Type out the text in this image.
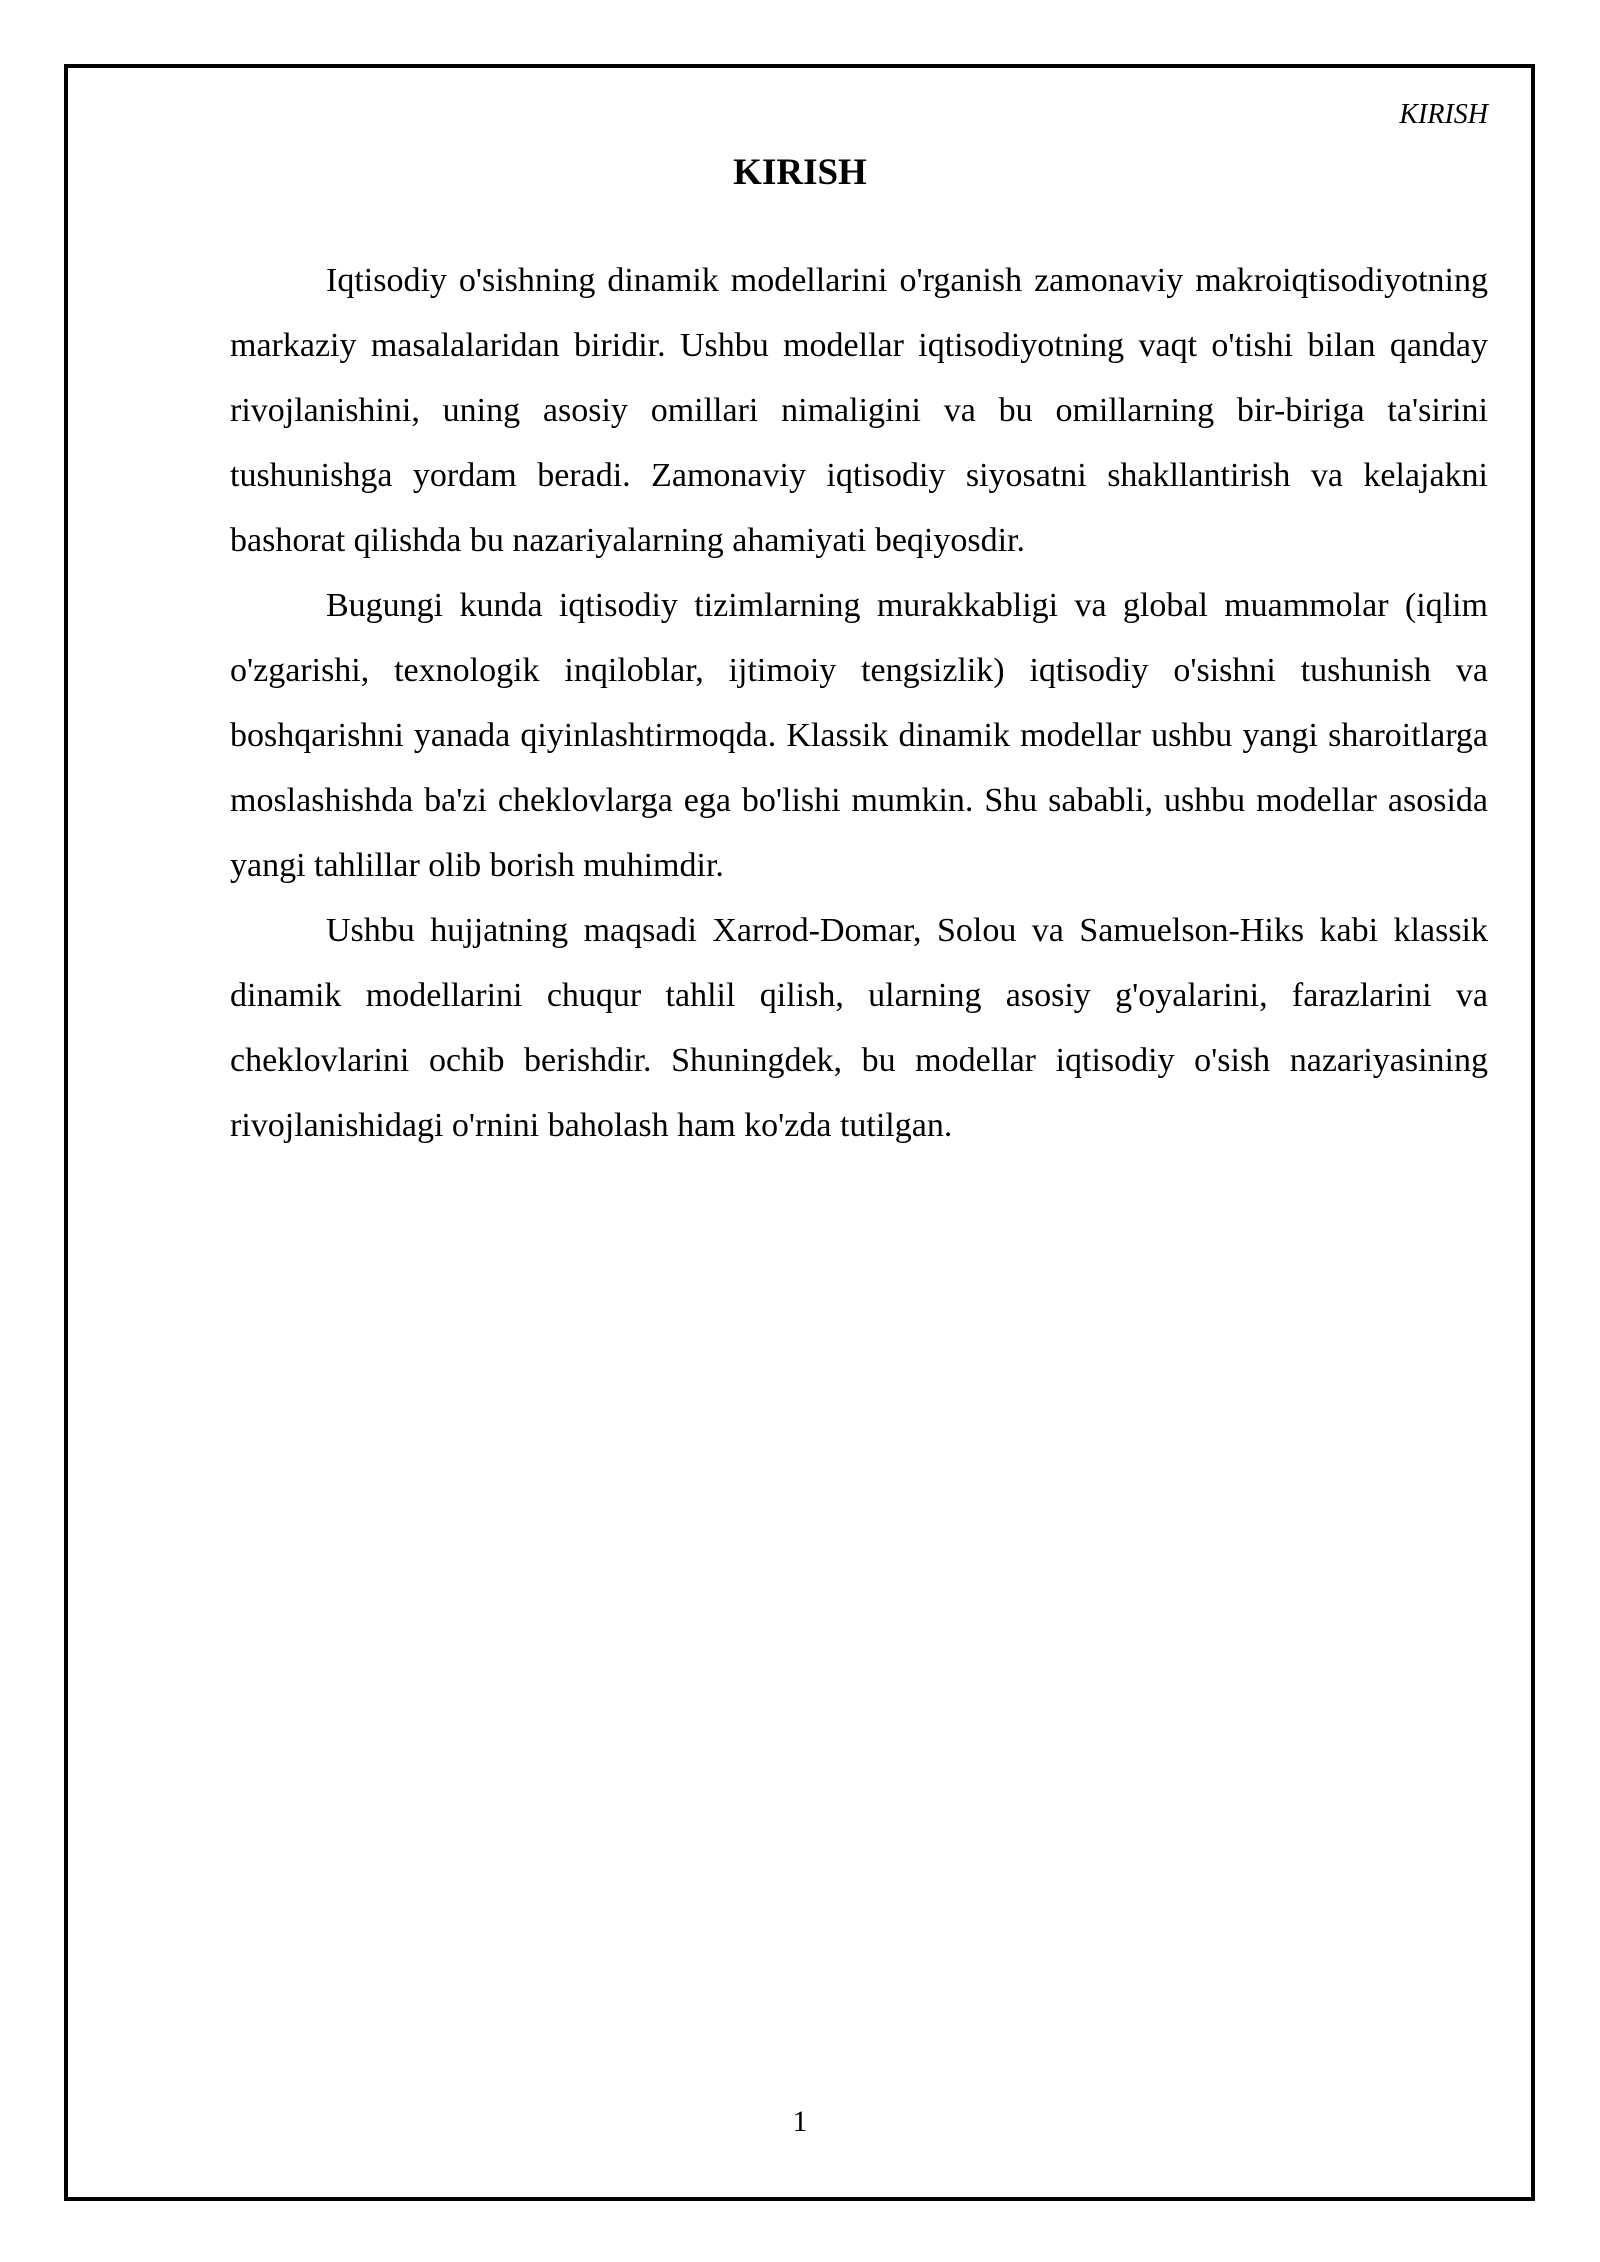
KIRISH
KIRISH

Iqtisodiy o'sishning dinamik modellarini o'rganish zamonaviy makroiqtisodiyotning markaziy masalalaridan biridir. Ushbu modellar iqtisodiyotning vaqt o'tishi bilan qanday rivojlanishini, uning asosiy omillari nimaligini va bu omillarning bir-biriga ta'sirini tushunishga yordam beradi. Zamonaviy iqtisodiy siyosatni shakllantirish va kelajakni bashorat qilishda bu nazariyalarning ahamiyati beqiyosdir.

Bugungi kunda iqtisodiy tizimlarning murakkabligi va global muammolar (iqlim o'zgarishi, texnologik inqiloblar, ijtimoiy tengsizlik) iqtisodiy o'sishni tushunish va boshqarishni yanada qiyinlashtirmoqda. Klassik dinamik modellar ushbu yangi sharoitlarga moslashishda ba'zi cheklovlarga ega bo'lishi mumkin. Shu sababli, ushbu modellar asosida yangi tahlillar olib borish muhimdir.

Ushbu hujjatning maqsadi Xarrod-Domar, Solou va Samuelson-Hiks kabi klassik dinamik modellarini chuqur tahlil qilish, ularning asosiy g'oyalarini, farazlarini va cheklovlarini ochib berishdir. Shuningdek, bu modellar iqtisodiy o'sish nazariyasining rivojlanishidagi o'rnini baholash ham ko'zda tutilgan.

1
